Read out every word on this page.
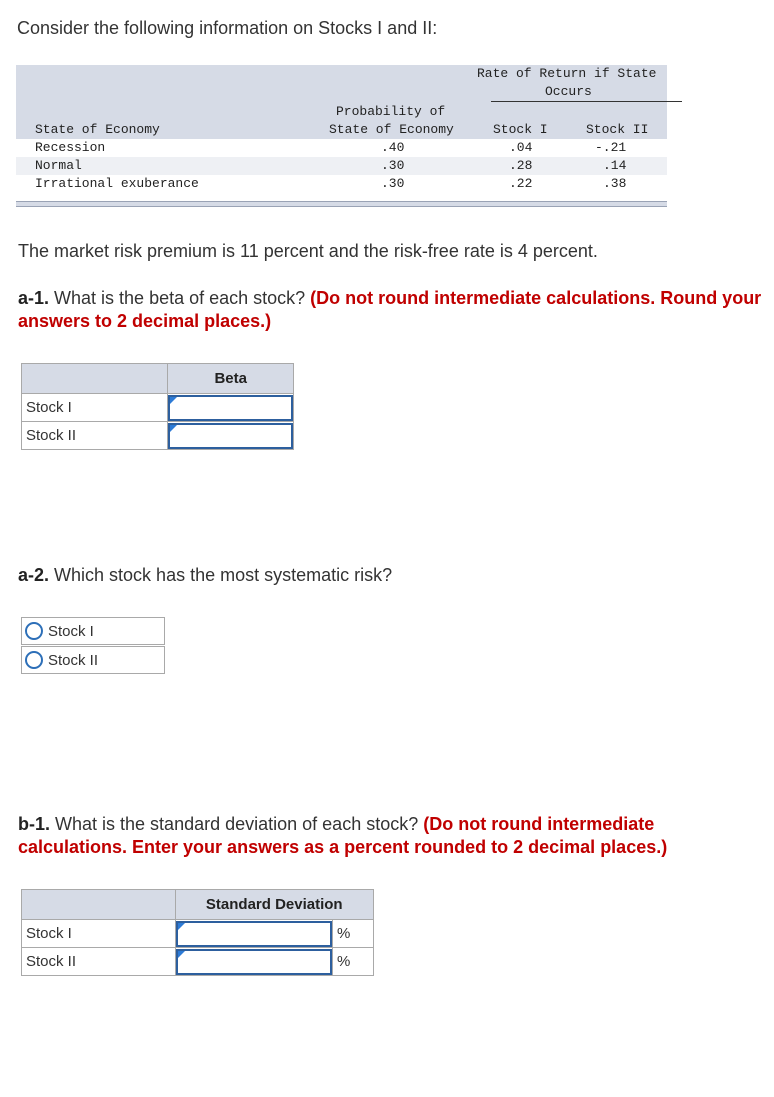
Consider the following information on Stocks I and II:
Rate of Return if State
Occurs
Probability of
State of Economy
State of Economy	Stock I	Stock II
Recession	.40	.04	-.21
Normal	.30	.28	.14
Irrational exuberance	.30	.22	.38
The market risk premium is 11 percent and the risk-free rate is 4 percent.
a-1. What is the beta of each stock? (Do not round intermediate calculations. Round your answers to 2 decimal places.)
	Beta
Stock I	

Stock II	
a-2. Which stock has the most systematic risk?
Stock I
Stock II
b-1. What is the standard deviation of each stock? (Do not round intermediate calculations. Enter your answers as a percent rounded to 2 decimal places.)
	Standard Deviation	
Stock I		%
Stock II		%
